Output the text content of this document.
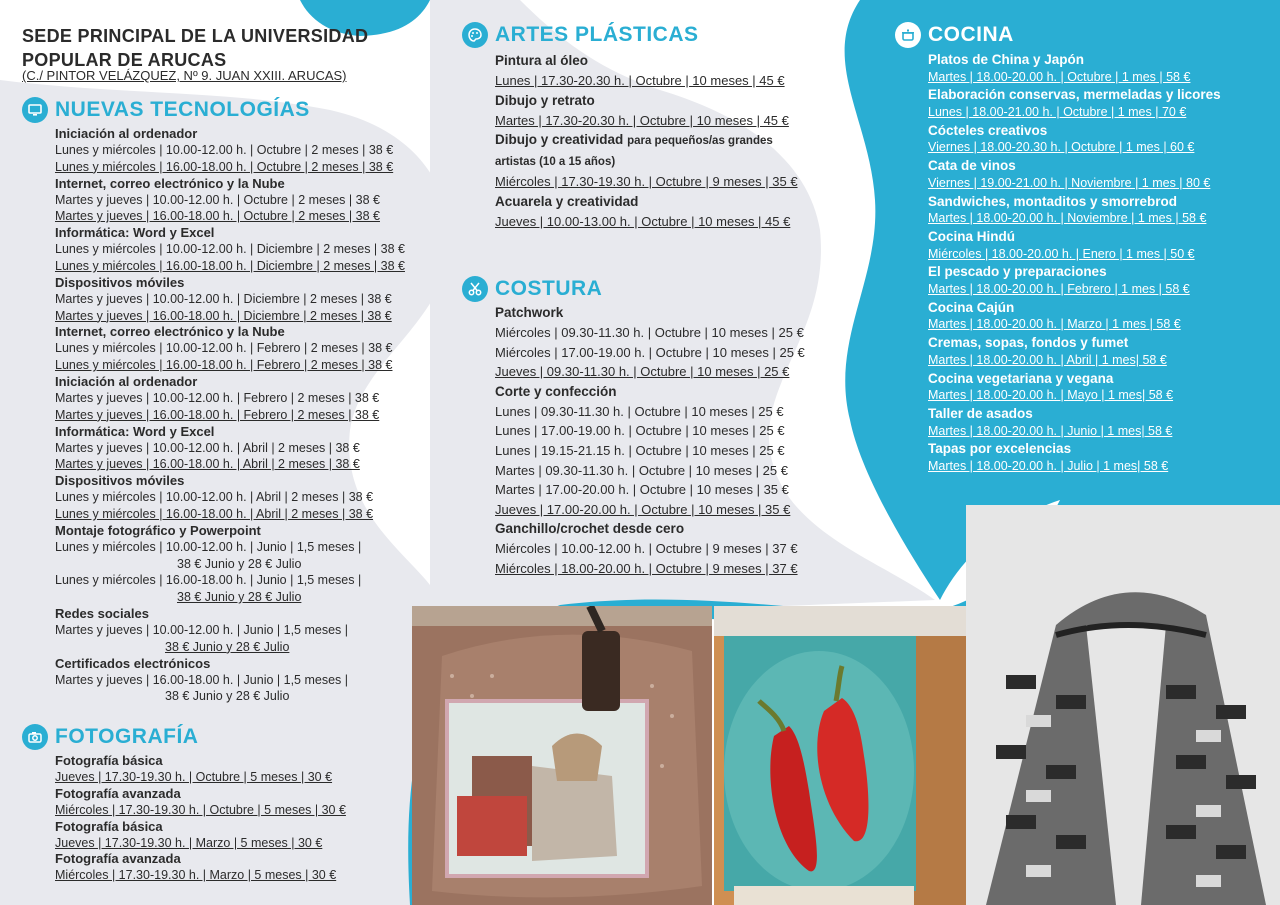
SEDE PRINCIPAL DE LA UNIVERSIDAD
POPULAR DE ARUCAS
(C./ PINTOR VELÁZQUEZ, Nº 9. JUAN XXIII. ARUCAS)
NUEVAS TECNOLOGÍAS
Iniciación al ordenador
Lunes y miércoles | 10.00-12.00 h. | Octubre | 2 meses | 38 €
Lunes y miércoles | 16.00-18.00 h. | Octubre | 2 meses | 38 €
Internet, correo electrónico y la Nube
Martes y jueves | 10.00-12.00 h. | Octubre | 2 meses | 38 €
Martes y jueves | 16.00-18.00 h. | Octubre | 2 meses | 38 €
Informática: Word y Excel
Lunes y miércoles | 10.00-12.00 h. | Diciembre | 2 meses | 38 €
Lunes y miércoles | 16.00-18.00 h. | Diciembre | 2 meses | 38 €
Dispositivos móviles
Martes y jueves | 10.00-12.00 h. | Diciembre | 2 meses | 38 €
Martes y jueves | 16.00-18.00 h. | Diciembre | 2 meses | 38 €
Internet, correo electrónico y la Nube
Lunes y miércoles | 10.00-12.00 h. | Febrero | 2 meses | 38 €
Lunes y miércoles | 16.00-18.00 h. | Febrero | 2 meses | 38 €
Iniciación al ordenador
Martes y jueves | 10.00-12.00 h. | Febrero | 2 meses | 38 €
Martes y jueves | 16.00-18.00 h. | Febrero | 2 meses | 38 €
Informática: Word y Excel
Martes y jueves | 10.00-12.00 h. | Abril | 2 meses | 38 €
Martes y jueves | 16.00-18.00 h. | Abril | 2 meses | 38 €
Dispositivos móviles
Lunes y miércoles | 10.00-12.00 h. | Abril | 2 meses | 38 €
Lunes y miércoles | 16.00-18.00 h. | Abril | 2 meses | 38 €
Montaje fotográfico y Powerpoint
Lunes y miércoles | 10.00-12.00 h. | Junio | 1,5 meses |
38 € Junio y 28 € Julio
Lunes y miércoles | 16.00-18.00 h. | Junio | 1,5 meses |
38 € Junio y 28 € Julio
Redes sociales
Martes y jueves | 10.00-12.00 h. | Junio | 1,5 meses |
38 € Junio y 28 € Julio
Certificados electrónicos
Martes y jueves | 16.00-18.00 h. | Junio | 1,5 meses |
38 € Junio y 28 € Julio
FOTOGRAFÍA
Fotografía básica
Jueves | 17.30-19.30 h. | Octubre | 5 meses | 30 €
Fotografía avanzada
Miércoles | 17.30-19.30 h. | Octubre | 5 meses | 30 €
Fotografía básica
Jueves | 17.30-19.30 h. | Marzo | 5 meses | 30 €
Fotografía avanzada
Miércoles | 17.30-19.30 h. | Marzo | 5 meses | 30 €
ARTES PLÁSTICAS
Pintura al óleo
Lunes | 17.30-20.30 h. | Octubre | 10 meses | 45 €
Dibujo y retrato
Martes | 17.30-20.30 h. | Octubre | 10 meses | 45 €
Dibujo y creatividad para pequeños/as grandes
artistas (10 a 15 años)
Miércoles | 17.30-19.30 h. | Octubre | 9 meses | 35 €
Acuarela y creatividad
Jueves | 10.00-13.00 h. | Octubre | 10 meses | 45 €
COSTURA
Patchwork
Miércoles | 09.30-11.30 h. | Octubre | 10 meses | 25 €
Miércoles | 17.00-19.00 h. | Octubre | 10 meses | 25 €
Jueves | 09.30-11.30 h. | Octubre | 10 meses | 25 €
Corte y confección
Lunes | 09.30-11.30 h. | Octubre | 10 meses | 25 €
Lunes | 17.00-19.00 h. | Octubre | 10 meses | 25 €
Lunes | 19.15-21.15 h. | Octubre | 10 meses | 25 €
Martes | 09.30-11.30 h. | Octubre | 10 meses | 25 €
Martes | 17.00-20.00 h. | Octubre | 10 meses | 35 €
Jueves | 17.00-20.00 h. | Octubre | 10 meses | 35 €
Ganchillo/crochet desde cero
Miércoles | 10.00-12.00 h. | Octubre | 9 meses | 37 €
Miércoles | 18.00-20.00 h. | Octubre | 9 meses | 37 €
COCINA
Platos de China y Japón
Martes | 18.00-20.00 h. | Octubre | 1 mes | 58 €
Elaboración conservas, mermeladas y licores
Lunes | 18.00-21.00 h. | Octubre | 1 mes | 70 €
Cócteles creativos
Viernes | 18.00-20.30 h. | Octubre | 1 mes | 60 €
Cata de vinos
Viernes | 19.00-21.00 h. | Noviembre | 1 mes | 80 €
Sandwiches, montaditos y smorrebrod
Martes | 18.00-20.00 h. | Noviembre | 1 mes | 58 €
Cocina Hindú
Miércoles | 18.00-20.00 h. | Enero | 1 mes | 50 €
El pescado y preparaciones
Martes | 18.00-20.00 h. | Febrero | 1 mes | 58 €
Cocina Cajún
Martes | 18.00-20.00 h. | Marzo | 1 mes | 58 €
Cremas, sopas, fondos y fumet
Martes | 18.00-20.00 h. | Abril | 1 mes| 58 €
Cocina vegetariana y vegana
Martes | 18.00-20.00 h. | Mayo | 1 mes| 58 €
Taller de asados
Martes | 18.00-20.00 h. | Junio | 1 mes| 58 €
Tapas por excelencias
Martes | 18.00-20.00 h. | Julio | 1 mes| 58 €
